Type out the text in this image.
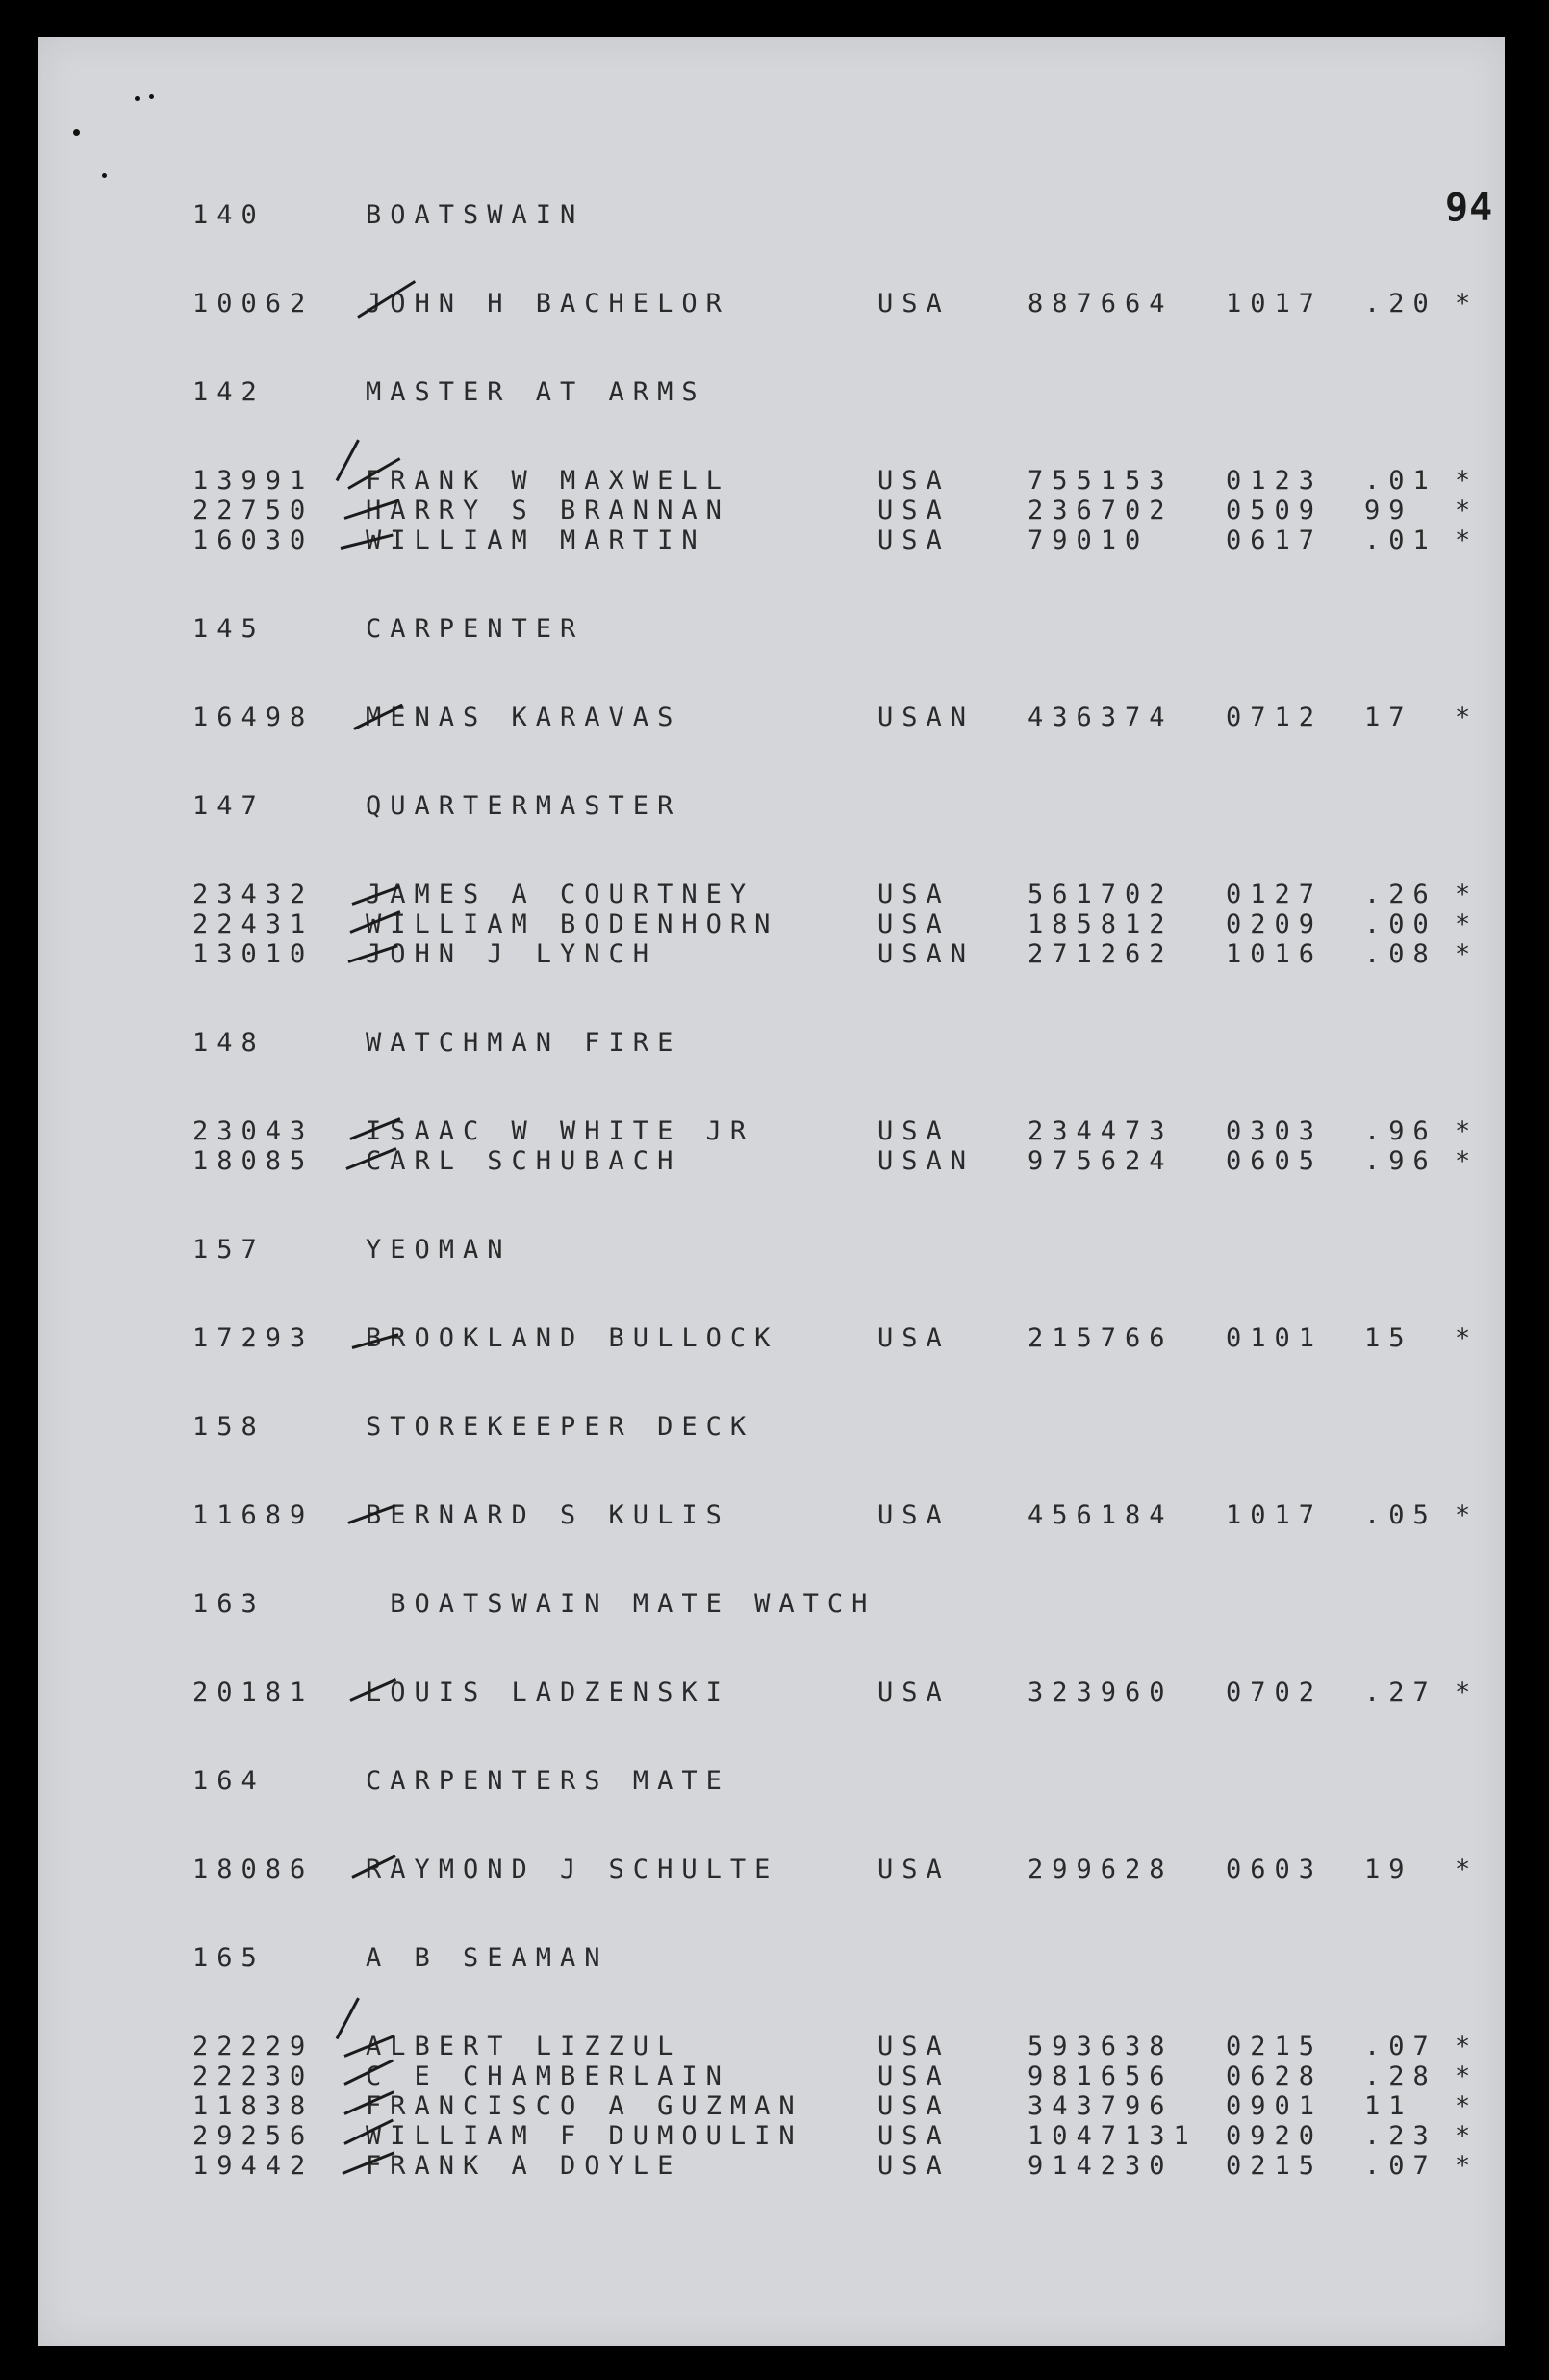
94
140	BOATSWAIN
10062 JOHN H BACHELOR	USA	887664 1017 .20 *
142	MASTER AT ARMS
13991 FRANK W MAXWELL	USA	755153 0123 .01 *
22750 HARRY S BRANNAN	USA	236702 0509 99 *
16030 WILLIAM MARTIN	USA	79010	0617 .01 *
145	CARPENTER
16498 MENAS KARAVAS	USAN 436374 0712 17 *
147	QUARTERMASTER
23432 JAMES A COURTNEY	USA	561702 0127 .26 *
22431 WILLIAM BODENHORN	USA	185812 0209 .00 *
13010 JOHN J LYNCH	USAN 271262 1016 .08 *
148	WATCHMAN FIRE
23043 ISAAC W WHITE JR	USA	234473 0303 .96 *
18085 CARL SCHUBACH	USAN 975624 0605 .96 *
157	YEOMAN
17293 BROOKLAND BULLOCK	USA	215766 0101 15 *
158	STOREKEEPER DECK
11689 BERNARD S KULIS	USA	456184 1017 .05 *
163	BOATSWAIN MATE WATCH
20181 LOUIS LADZENSKI	USA	323960 0702 .27 *
164	CARPENTERS MATE
18086 RAYMOND J SCHULTE	USA	299628 0603 19 *
165	A B SEAMAN
22229 ALBERT LIZZUL	USA	593638 0215 .07 *
22230 C E CHAMBERLAIN	USA	981656 0628 .28 *
11838 FRANCISCO A GUZMAN	USA	343796 0901 11 *
29256 WILLIAM F DUMOULIN	USA	1047131 0920 .23 *
19442 FRANK A DOYLE	USA	914230 0215 .07 *
